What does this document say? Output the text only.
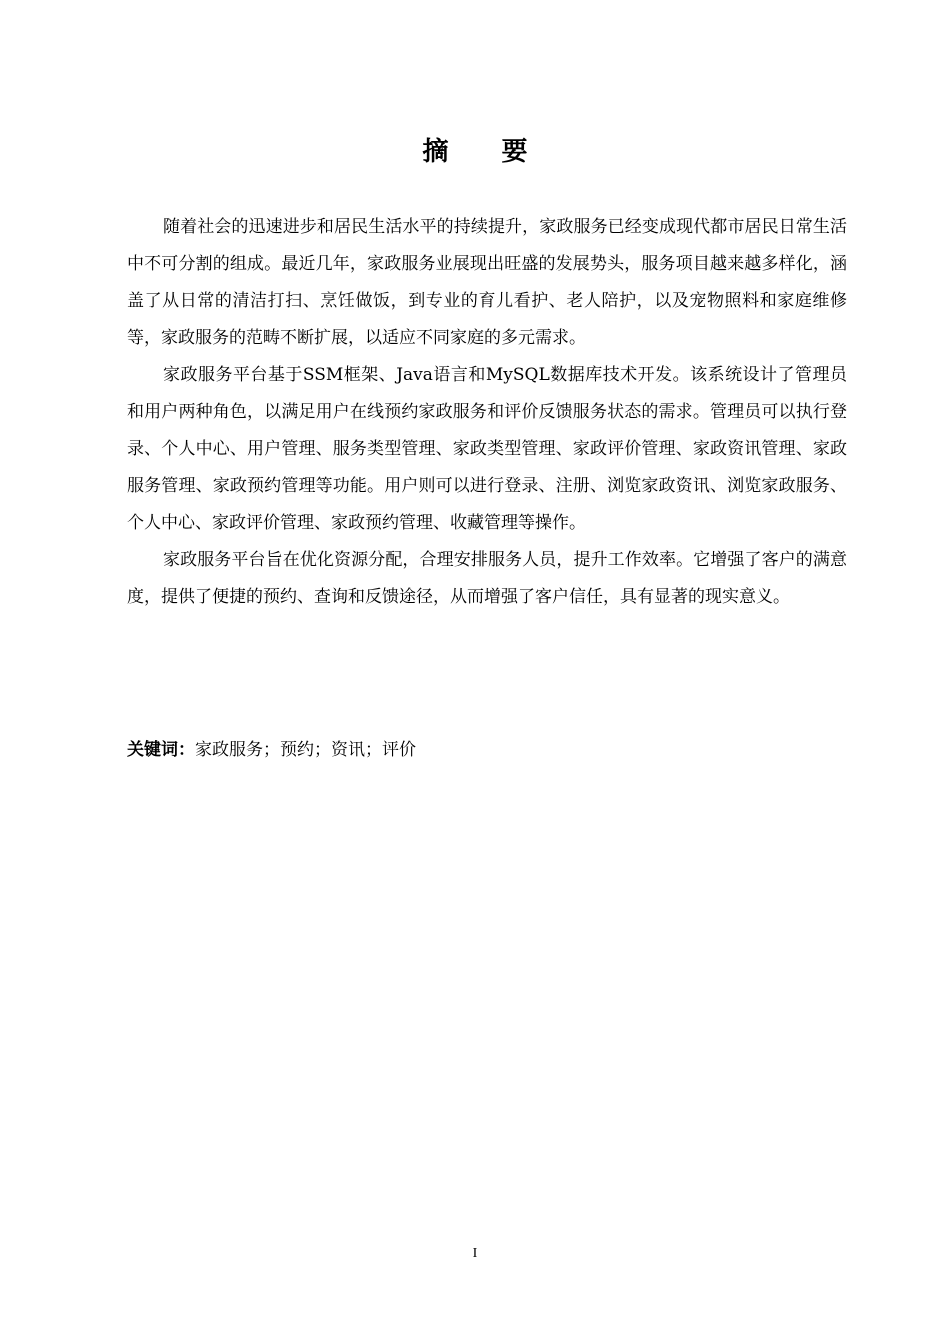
摘 要

随着社会的迅速进步和居民生活水平的持续提升，家政服务已经变成现代都市居民日常生活中不可分割的组成。最近几年，家政服务业展现出旺盛的发展势头，服务项目越来越多样化，涵盖了从日常的清洁打扫、烹饪做饭，到专业的育儿看护、老人陪护，以及宠物照料和家庭维修等，家政服务的范畴不断扩展，以适应不同家庭的多元需求。

家政服务平台基于SSM框架、Java语言和MySQL数据库技术开发。该系统设计了管理员和用户两种角色，以满足用户在线预约家政服务和评价反馈服务状态的需求。管理员可以执行登录、个人中心、用户管理、服务类型管理、家政类型管理、家政评价管理、家政资讯管理、家政服务管理、家政预约管理等功能。用户则可以进行登录、注册、浏览家政资讯、浏览家政服务、个人中心、家政评价管理、家政预约管理、收藏管理等操作。

家政服务平台旨在优化资源分配，合理安排服务人员，提升工作效率。它增强了客户的满意度，提供了便捷的预约、查询和反馈途径，从而增强了客户信任，具有显著的现实意义。

关键词：家政服务；预约；资讯；评价
I
